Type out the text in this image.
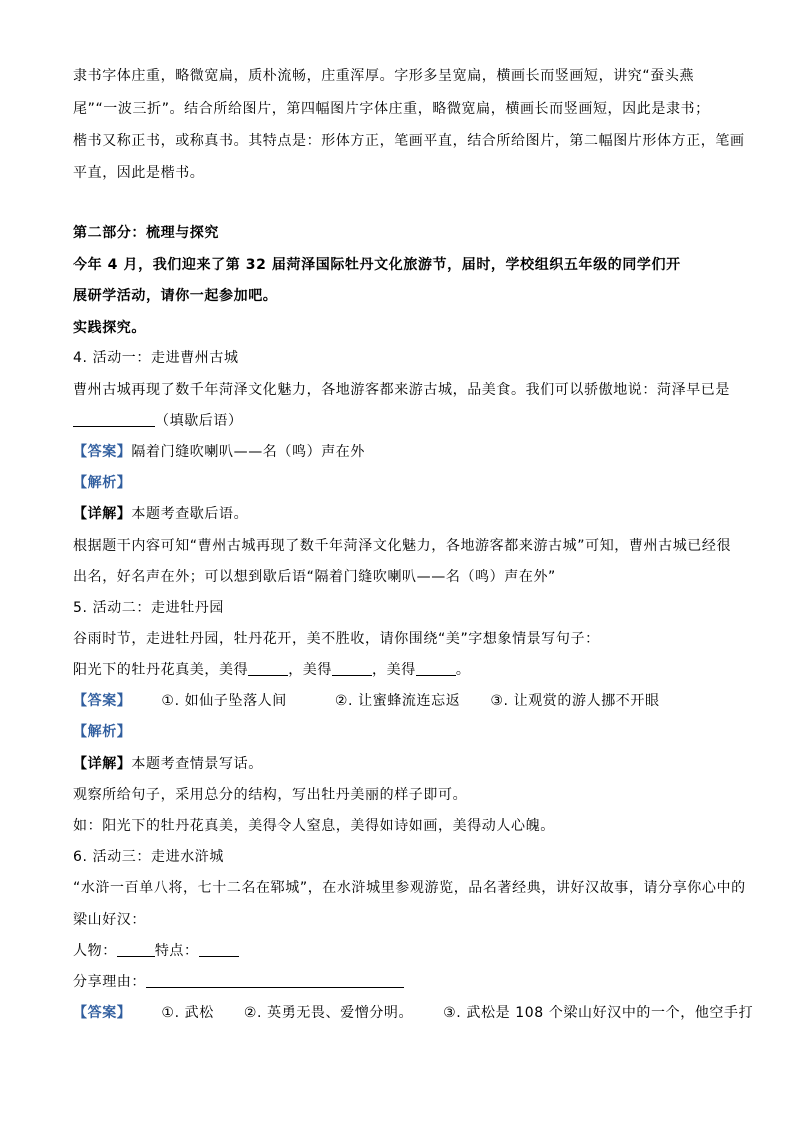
隶书字体庄重，略微宽扁，质朴流畅，庄重浑厚。字形多呈宽扁，横画长而竖画短，讲究“蚕头燕
尾”“一波三折”。结合所给图片，第四幅图片字体庄重，略微宽扁，横画长而竖画短，因此是隶书；
楷书又称正书，或称真书。其特点是：形体方正，笔画平直，结合所给图片，第二幅图片形体方正，笔画
平直，因此是楷书。
第二部分：梳理与探究
今年 4 月，我们迎来了第 32 届菏泽国际牡丹文化旅游节，届时，学校组织五年级的同学们开
展研学活动，请你一起参加吧。
实践探究。
4. 活动一：走进曹州古城
曹州古城再现了数千年菏泽文化魅力，各地游客都来游古城，品美食。我们可以骄傲地说：菏泽早已是
（填歇后语）
【答案】隔着门缝吹喇叭——名（鸣）声在外
【解析】
【详解】本题考查歇后语。
根据题干内容可知“曹州古城再现了数千年菏泽文化魅力，各地游客都来游古城”可知，曹州古城已经很
出名，好名声在外；可以想到歇后语“隔着门缝吹喇叭——名（鸣）声在外”
5. 活动二：走进牡丹园
谷雨时节，走进牡丹园，牡丹花开，美不胜收，请你围绕“美”字想象情景写句子：
阳光下的牡丹花真美，美得	，美得	，美得	。
【答案】 ①. 如仙子坠落人间	②. 让蜜蜂流连忘返 ③. 让观赏的游人挪不开眼
【解析】
【详解】本题考查情景写话。
观察所给句子，采用总分的结构，写出牡丹美丽的样子即可。
如：阳光下的牡丹花真美，美得令人窒息，美得如诗如画，美得动人心魄。
6. 活动三：走进水浒城
“水浒一百单八将，七十二名在郓城”，在水浒城里参观游览，品名著经典，讲好汉故事，请分享你心中的
梁山好汉：
人物：	特点：
分享理由：
【答案】 ①. 武松 ②. 英勇无畏、爱憎分明。 ③. 武松是 108 个梁山好汉中的一个，他空手打
